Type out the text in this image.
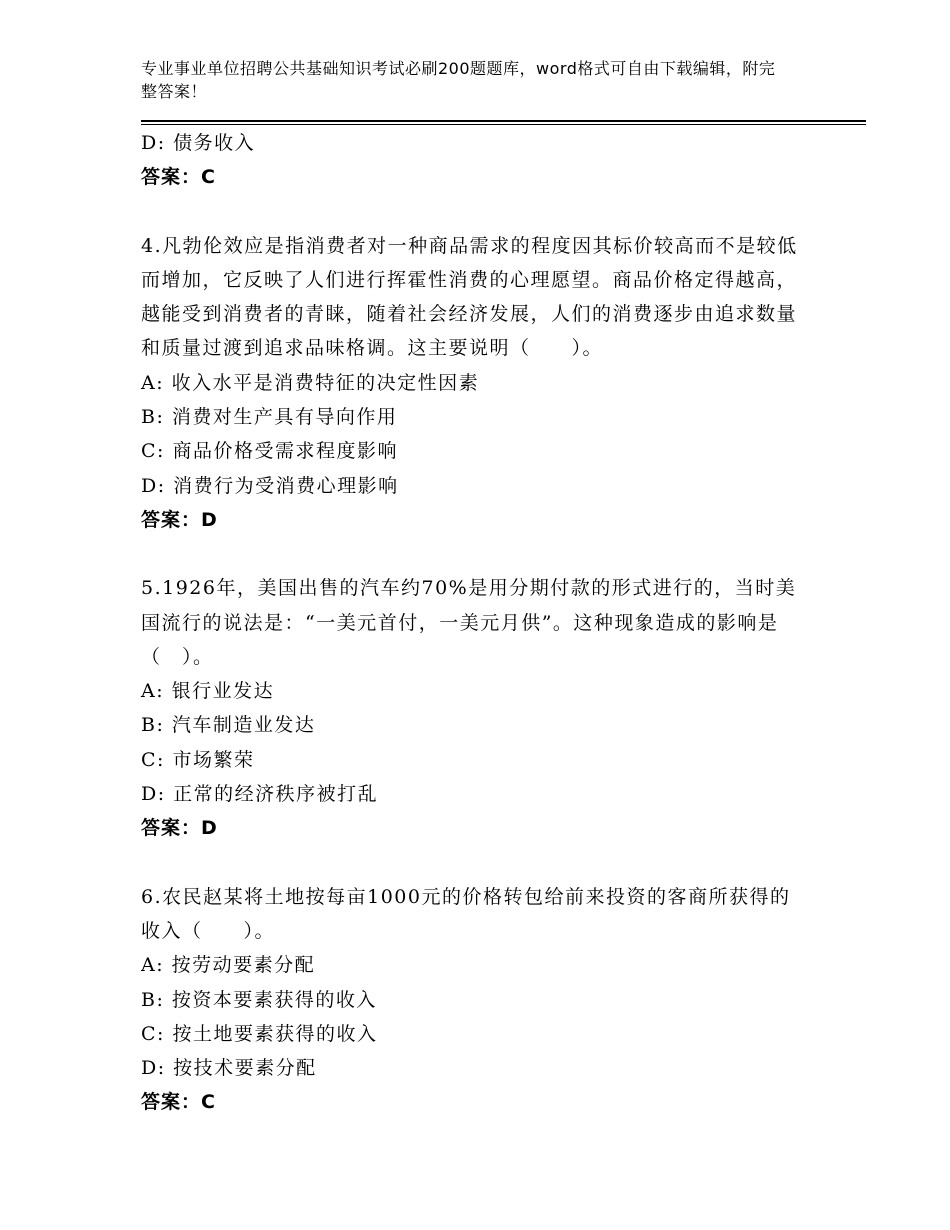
专业事业单位招聘公共基础知识考试必刷200题题库，word格式可自由下载编辑，附完整答案！
D: 债务收入
答案：C
4.凡勃伦效应是指消费者对一种商品需求的程度因其标价较高而不是较低而增加，它反映了人们进行挥霍性消费的心理愿望。商品价格定得越高，越能受到消费者的青睐，随着社会经济发展，人们的消费逐步由追求数量和质量过渡到追求品味格调。这主要说明（　　）。
A: 收入水平是消费特征的决定性因素
B: 消费对生产具有导向作用
C: 商品价格受需求程度影响
D: 消费行为受消费心理影响
答案：D
5.1926年，美国出售的汽车约70%是用分期付款的形式进行的，当时美国流行的说法是：“一美元首付，一美元月供”。这种现象造成的影响是（　）。
A: 银行业发达
B: 汽车制造业发达
C: 市场繁荣
D: 正常的经济秩序被打乱
答案：D
6.农民赵某将土地按每亩1000元的价格转包给前来投资的客商所获得的收入（　　）。
A: 按劳动要素分配
B: 按资本要素获得的收入
C: 按土地要素获得的收入
D: 按技术要素分配
答案：C
